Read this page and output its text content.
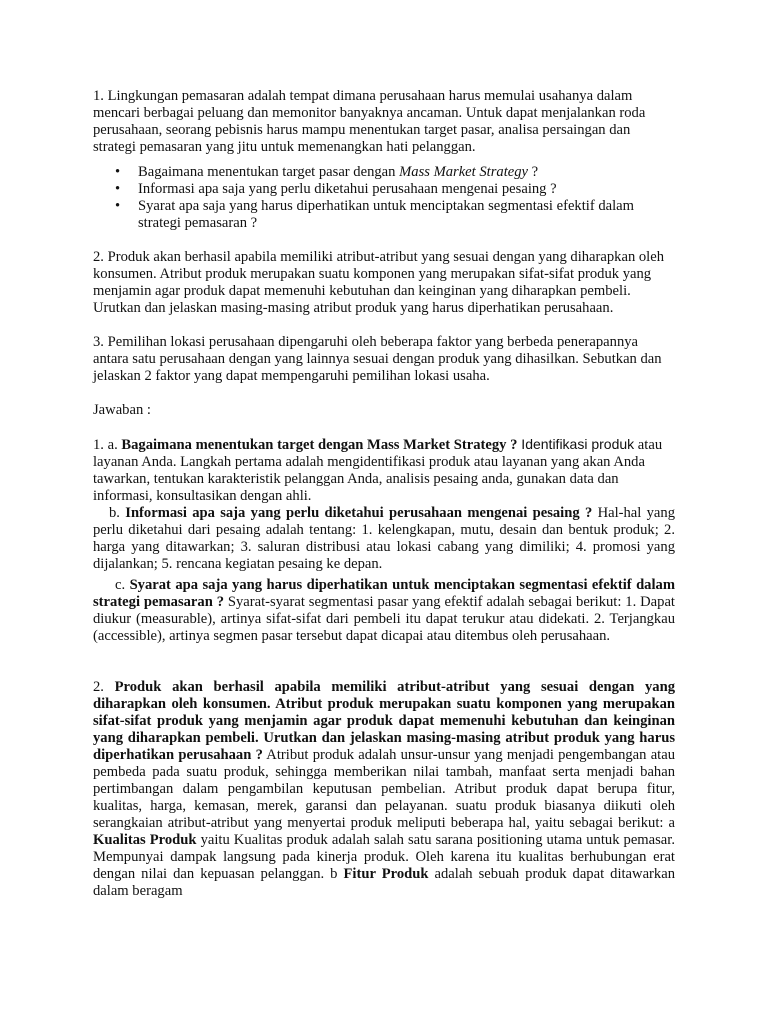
1. Lingkungan pemasaran adalah tempat dimana perusahaan harus memulai usahanya dalam mencari berbagai peluang dan memonitor banyaknya ancaman. Untuk dapat menjalankan roda perusahaan, seorang pebisnis harus mampu menentukan target pasar, analisa persaingan dan strategi pemasaran yang jitu untuk memenangkan hati pelanggan.

• Bagaimana menentukan target pasar dengan Mass Market Strategy ?
• Informasi apa saja yang perlu diketahui perusahaan mengenai pesaing ?
• Syarat apa saja yang harus diperhatikan untuk menciptakan segmentasi efektif dalam strategi pemasaran ?

2. Produk akan berhasil apabila memiliki atribut-atribut yang sesuai dengan yang diharapkan oleh konsumen. Atribut produk merupakan suatu komponen yang merupakan sifat-sifat produk yang menjamin agar produk dapat memenuhi kebutuhan dan keinginan yang diharapkan pembeli. Urutkan dan jelaskan masing-masing atribut produk yang harus diperhatikan perusahaan.

3. Pemilihan lokasi perusahaan dipengaruhi oleh beberapa faktor yang berbeda penerapannya antara satu perusahaan dengan yang lainnya sesuai dengan produk yang dihasilkan. Sebutkan dan jelaskan 2 faktor yang dapat mempengaruhi pemilihan lokasi usaha.

Jawaban :

1. a. Bagaimana menentukan target dengan Mass Market Strategy ? Identifikasi produk atau layanan Anda. Langkah pertama adalah mengidentifikasi produk atau layanan yang akan Anda tawarkan, tentukan karakteristik pelanggan Anda, analisis pesaing anda, gunakan data dan informasi, konsultasikan dengan ahli.

b. Informasi apa saja yang perlu diketahui perusahaan mengenai pesaing ? Hal-hal yang perlu diketahui dari pesaing adalah tentang: 1. kelengkapan, mutu, desain dan bentuk produk; 2. harga yang ditawarkan; 3. saluran distribusi atau lokasi cabang yang dimiliki; 4. promosi yang dijalankan; 5. rencana kegiatan pesaing ke depan.

c. Syarat apa saja yang harus diperhatikan untuk menciptakan segmentasi efektif dalam strategi pemasaran ? Syarat-syarat segmentasi pasar yang efektif adalah sebagai berikut: 1. Dapat diukur (measurable), artinya sifat-sifat dari pembeli itu dapat terukur atau didekati. 2. Terjangkau (accessible), artinya segmen pasar tersebut dapat dicapai atau ditembus oleh perusahaan.

2. Produk akan berhasil apabila memiliki atribut-atribut yang sesuai dengan yang diharapkan oleh konsumen. Atribut produk merupakan suatu komponen yang merupakan sifat-sifat produk yang menjamin agar produk dapat memenuhi kebutuhan dan keinginan yang diharapkan pembeli. Urutkan dan jelaskan masing-masing atribut produk yang harus diperhatikan perusahaan ? Atribut produk adalah unsur-unsur yang menjadi pengembangan atau pembeda pada suatu produk, sehingga memberikan nilai tambah, manfaat serta menjadi bahan pertimbangan dalam pengambilan keputusan pembelian. Atribut produk dapat berupa fitur, kualitas, harga, kemasan, merek, garansi dan pelayanan. suatu produk biasanya diikuti oleh serangkaian atribut-atribut yang menyertai produk meliputi beberapa hal, yaitu sebagai berikut: a Kualitas Produk yaitu Kualitas produk adalah salah satu sarana positioning utama untuk pemasar. Mempunyai dampak langsung pada kinerja produk. Oleh karena itu kualitas berhubungan erat dengan nilai dan kepuasan pelanggan. b Fitur Produk adalah sebuah produk dapat ditawarkan dalam beragam
